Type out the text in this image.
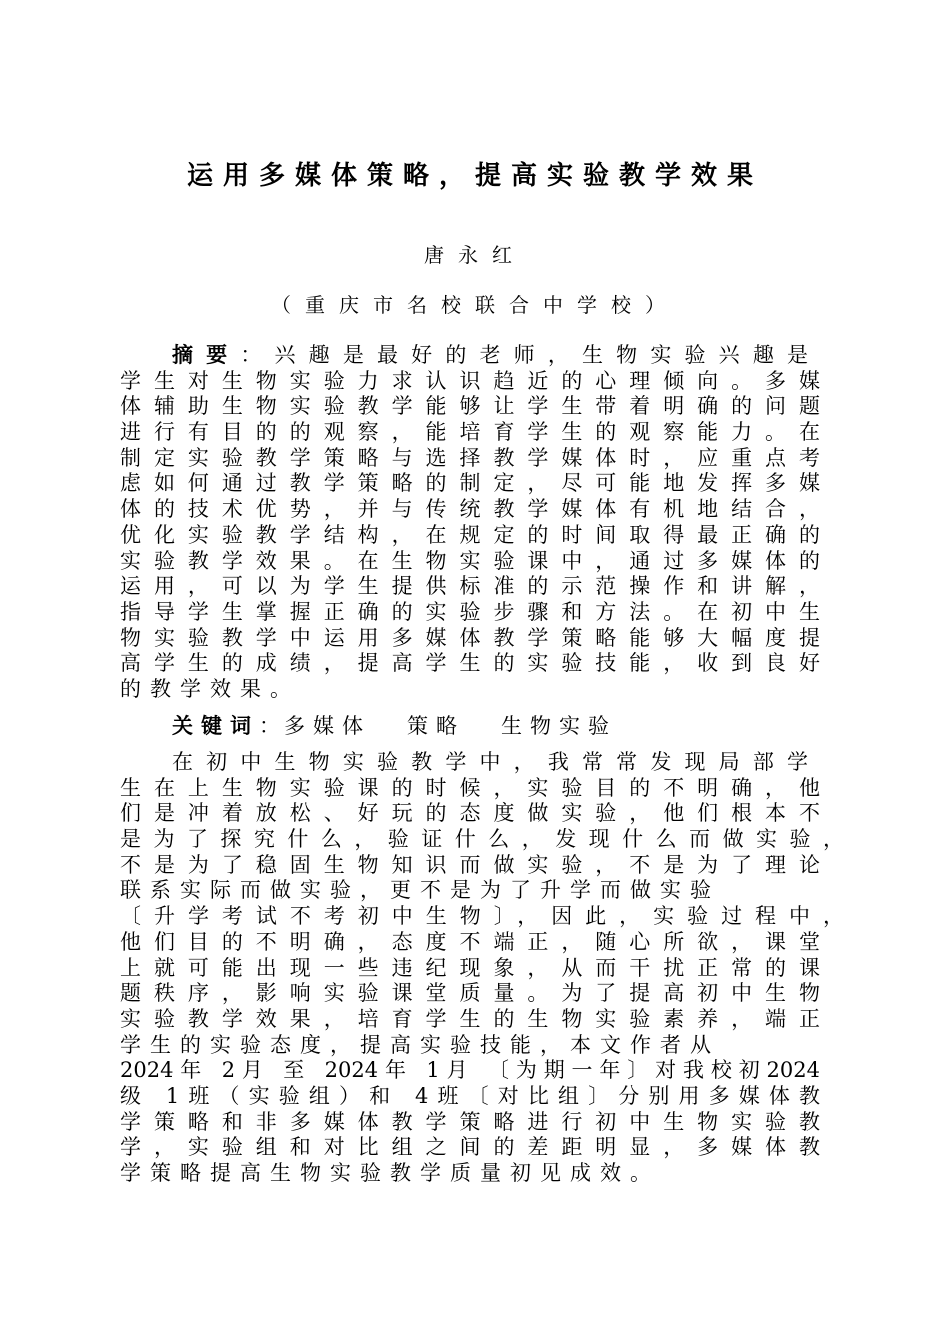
运用多媒体策略，提高实验教学效果
唐永红
（重庆市名校联合中学校）
摘要：兴趣是最好的老师，生物实验兴趣是
学生对生物实验力求认识趋近的心理倾向。多媒
体辅助生物实验教学能够让学生带着明确的问题
进行有目的的观察，能培育学生的观察能力。在
制定实验教学策略与选择教学媒体时，应重点考
虑如何通过教学策略的制定，尽可能地发挥多媒
体的技术优势，并与传统教学媒体有机地结合，
优化实验教学结构，在规定的时间取得最正确的
实验教学效果。在生物实验课中，通过多媒体的
运用，可以为学生提供标准的示范操作和讲解，
指导学生掌握正确的实验步骤和方法。在初中生
物实验教学中运用多媒体教学策略能够大幅度提
高学生的成绩，提高学生的实验技能，收到良好
的教学效果。
关键词：多媒体 策略 生物实验
在初中生物实验教学中，我常常发现局部学
生在上生物实验课的时候，实验目的不明确，他
们是冲着放松、好玩的态度做实验，他们根本不
是为了探究什么，验证什么，发现什么而做实验，
不是为了稳固生物知识而做实验，不是为了理论
联系实际而做实验，更不是为了升学而做实验
〔升学考试不考初中生物〕，因此，实验过程中，
他们目的不明确，态度不端正，随心所欲，课堂
上就可能出现一些违纪现象，从而干扰正常的课
题秩序，影响实验课堂质量。为了提高初中生物
实验教学效果，培育学生的生物实验素养，端正
学生的实验态度，提高实验技能，本文作者从
2024年 2月 至 2024年 1月 〔为期一年〕对我校初2024
级 1班（实验组）和 4班〔对比组〕分别用多媒体教
学策略和非多媒体教学策略进行初中生物实验教
学，实验组和对比组之间的差距明显，多媒体教
学策略提高生物实验教学质量初见成效。
